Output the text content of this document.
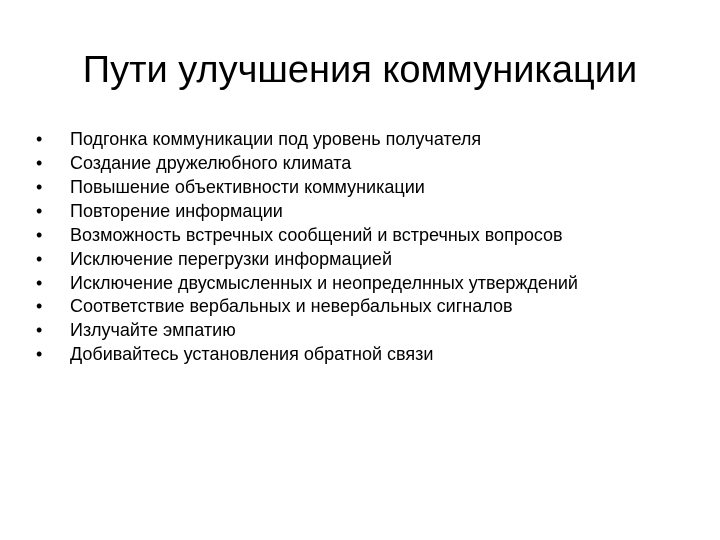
Пути улучшения коммуникации
•	Подгонка коммуникации под уровень получателя
•	Создание дружелюбного климата
•	Повышение объективности коммуникации
•	Повторение информации
•	Возможность встречных сообщений и встречных вопросов
•	Исключение перегрузки информацией
•	Исключение двусмысленных и неопределнных утверждений
•	Соответствие вербальных и невербальных сигналов
•	Излучайте эмпатию
•	Добивайтесь установления обратной связи
